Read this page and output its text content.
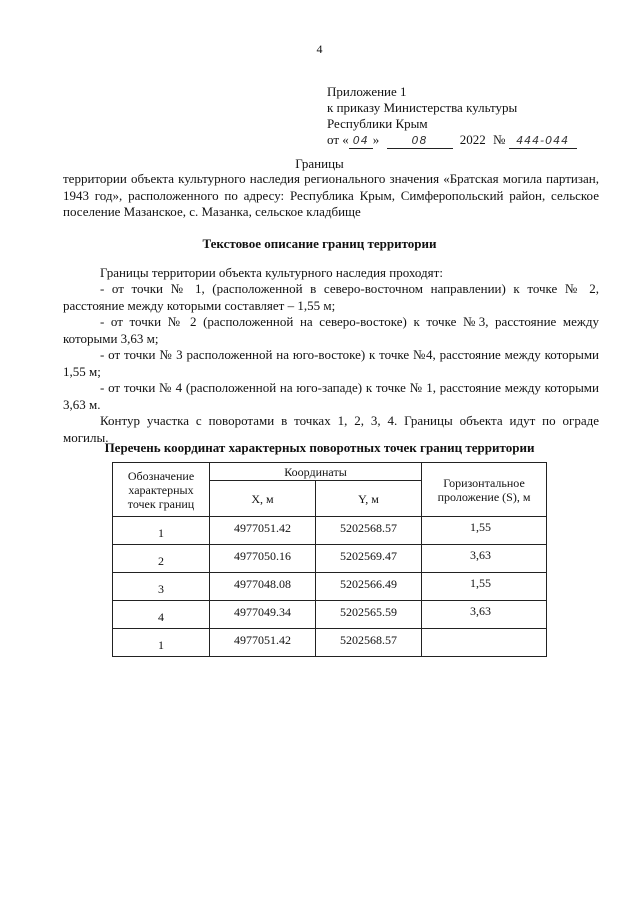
4
Приложение 1
к приказу Министерства культуры
Республики Крым
от « 04 »	08 2022 № 444-044
Границы
территории объекта культурного наследия регионального значения «Братская могила партизан, 1943 год», расположенного по адресу: Республика Крым, Симферопольский район, сельское поселение Мазанское, с. Мазанка, сельское кладбище
Текстовое описание границ территории
Границы территории объекта культурного наследия проходят:
- от точки № 1, (расположенной в северо-восточном направлении) к точке № 2,
расстояние между которыми составляет – 1,55 м;
- от точки № 2 (расположенной на северо-востоке) к точке №3, расстояние между
которыми 3,63 м;
- от точки № 3 расположенной на юго-востоке) к точке №4, расстояние между которыми
1,55 м;
- от точки № 4 (расположенной на юго-западе) к точке № 1, расстояние между которыми
3,63 м.
Контур участка с поворотами в точках 1, 2, 3, 4. Границы объекта идут по ограде
могилы.
Перечень координат характерных поворотных точек границ территории
Обозначение характерных точек границ	Координаты		Горизонтальное проложение (S), м
	X, м	Y, м	
1	4977051.42	5202568.57	1,55
2	4977050.16	5202569.47	3,63
3	4977048.08	5202566.49	1,55
4	4977049.34	5202565.59	3,63
1	4977051.42	5202568.57	
